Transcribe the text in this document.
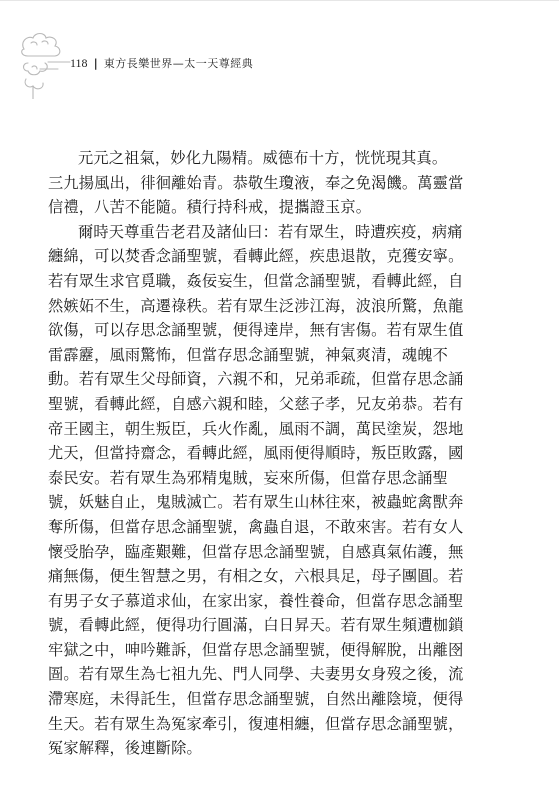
118 | 東方長樂世界—太一天尊經典

元元之祖氣，妙化九陽精。威德布十方，恍恍現其真。
三九揚風出，徘徊離始青。恭敬生瓊液，奉之免渴饑。萬靈當
信禮，八苦不能隨。積行持科戒，提攜證玉京。

爾時天尊重告老君及諸仙曰：若有眾生，時遭疾疫，病痛
纏綿，可以焚香念誦聖號，看轉此經，疾患退散，克獲安寧。
若有眾生求官覓職，姦佞妄生，但當念誦聖號，看轉此經，自
然嫉妬不生，高遷祿秩。若有眾生泛涉江海，波浪所驚，魚龍
欲傷，可以存思念誦聖號，便得達岸，無有害傷。若有眾生值
雷霹靂，風雨驚怖，但當存思念誦聖號，神氣爽清，魂魄不
動。若有眾生父母師資，六親不和，兄弟乖疏，但當存思念誦
聖號，看轉此經，自感六親和睦，父慈子孝，兄友弟恭。若有
帝王國主，朝生叛臣，兵火作亂，風雨不調，萬民塗炭，怨地
尤天，但當持齋念，看轉此經，風雨便得順時，叛臣敗露，國
泰民安。若有眾生為邪精鬼賊，妄來所傷，但當存思念誦聖
號，妖魅自止，鬼賊滅亡。若有眾生山林往來，被蟲蛇禽獸奔
奪所傷，但當存思念誦聖號，禽蟲自退，不敢來害。若有女人
懷受胎孕，臨產艱難，但當存思念誦聖號，自感真氣佑護，無
痛無傷，便生智慧之男，有相之女，六根具足，母子團圓。若
有男子女子慕道求仙，在家出家，養性養命，但當存思念誦聖
號，看轉此經，便得功行圓滿，白日昇天。若有眾生頻遭枷鎖
牢獄之中，呻吟難訴，但當存思念誦聖號，便得解脫，出離囹
圄。若有眾生為七祖九先、門人同學、夫妻男女身歿之後，流
滯寒庭，未得託生，但當存思念誦聖號，自然出離陰境，便得
生天。若有眾生為冤家牽引，復連相纏，但當存思念誦聖號，
冤家解釋，後連斷除。
